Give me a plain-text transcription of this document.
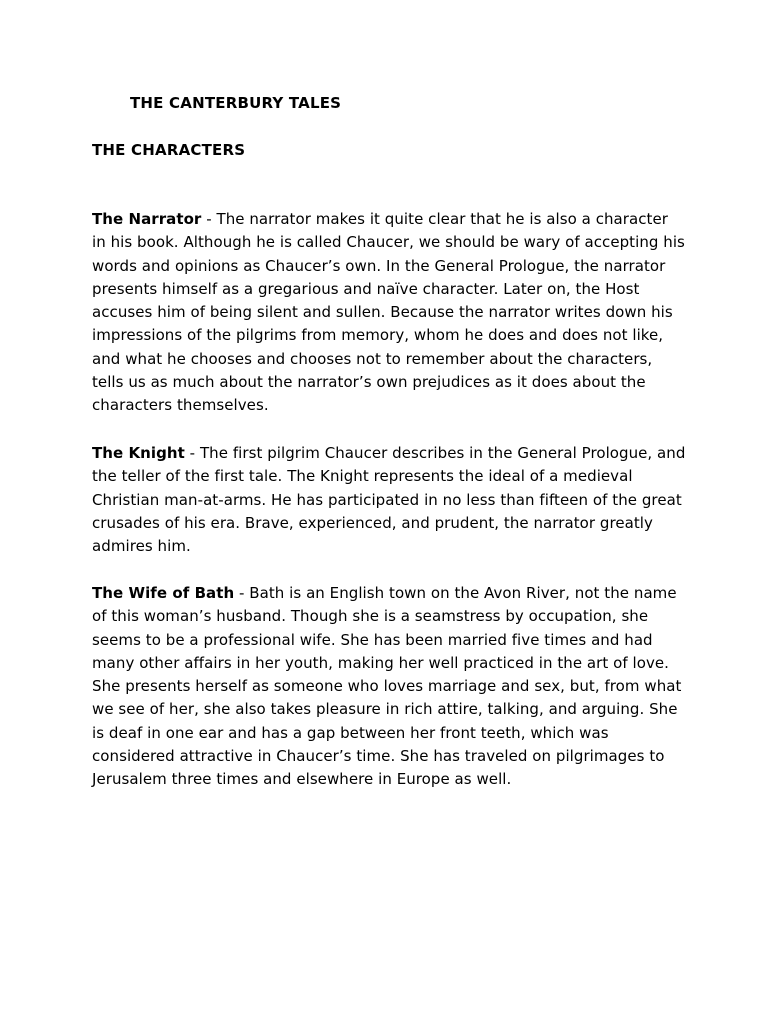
THE CANTERBURY TALES
THE CHARACTERS

The Narrator - The narrator makes it quite clear that he is also a character in his book. Although he is called Chaucer, we should be wary of accepting his words and opinions as Chaucer’s own. In the General Prologue, the narrator presents himself as a gregarious and naïve character. Later on, the Host accuses him of being silent and sullen. Because the narrator writes down his impressions of the pilgrims from memory, whom he does and does not like, and what he chooses and chooses not to remember about the characters, tells us as much about the narrator’s own prejudices as it does about the characters themselves.

The Knight - The first pilgrim Chaucer describes in the General Prologue, and the teller of the first tale. The Knight represents the ideal of a medieval Christian man-at-arms. He has participated in no less than fifteen of the great crusades of his era. Brave, experienced, and prudent, the narrator greatly admires him.

The Wife of Bath - Bath is an English town on the Avon River, not the name of this woman’s husband. Though she is a seamstress by occupation, she seems to be a professional wife. She has been married five times and had many other affairs in her youth, making her well practiced in the art of love. She presents herself as someone who loves marriage and sex, but, from what we see of her, she also takes pleasure in rich attire, talking, and arguing. She is deaf in one ear and has a gap between her front teeth, which was considered attractive in Chaucer’s time. She has traveled on pilgrimages to Jerusalem three times and elsewhere in Europe as well.
